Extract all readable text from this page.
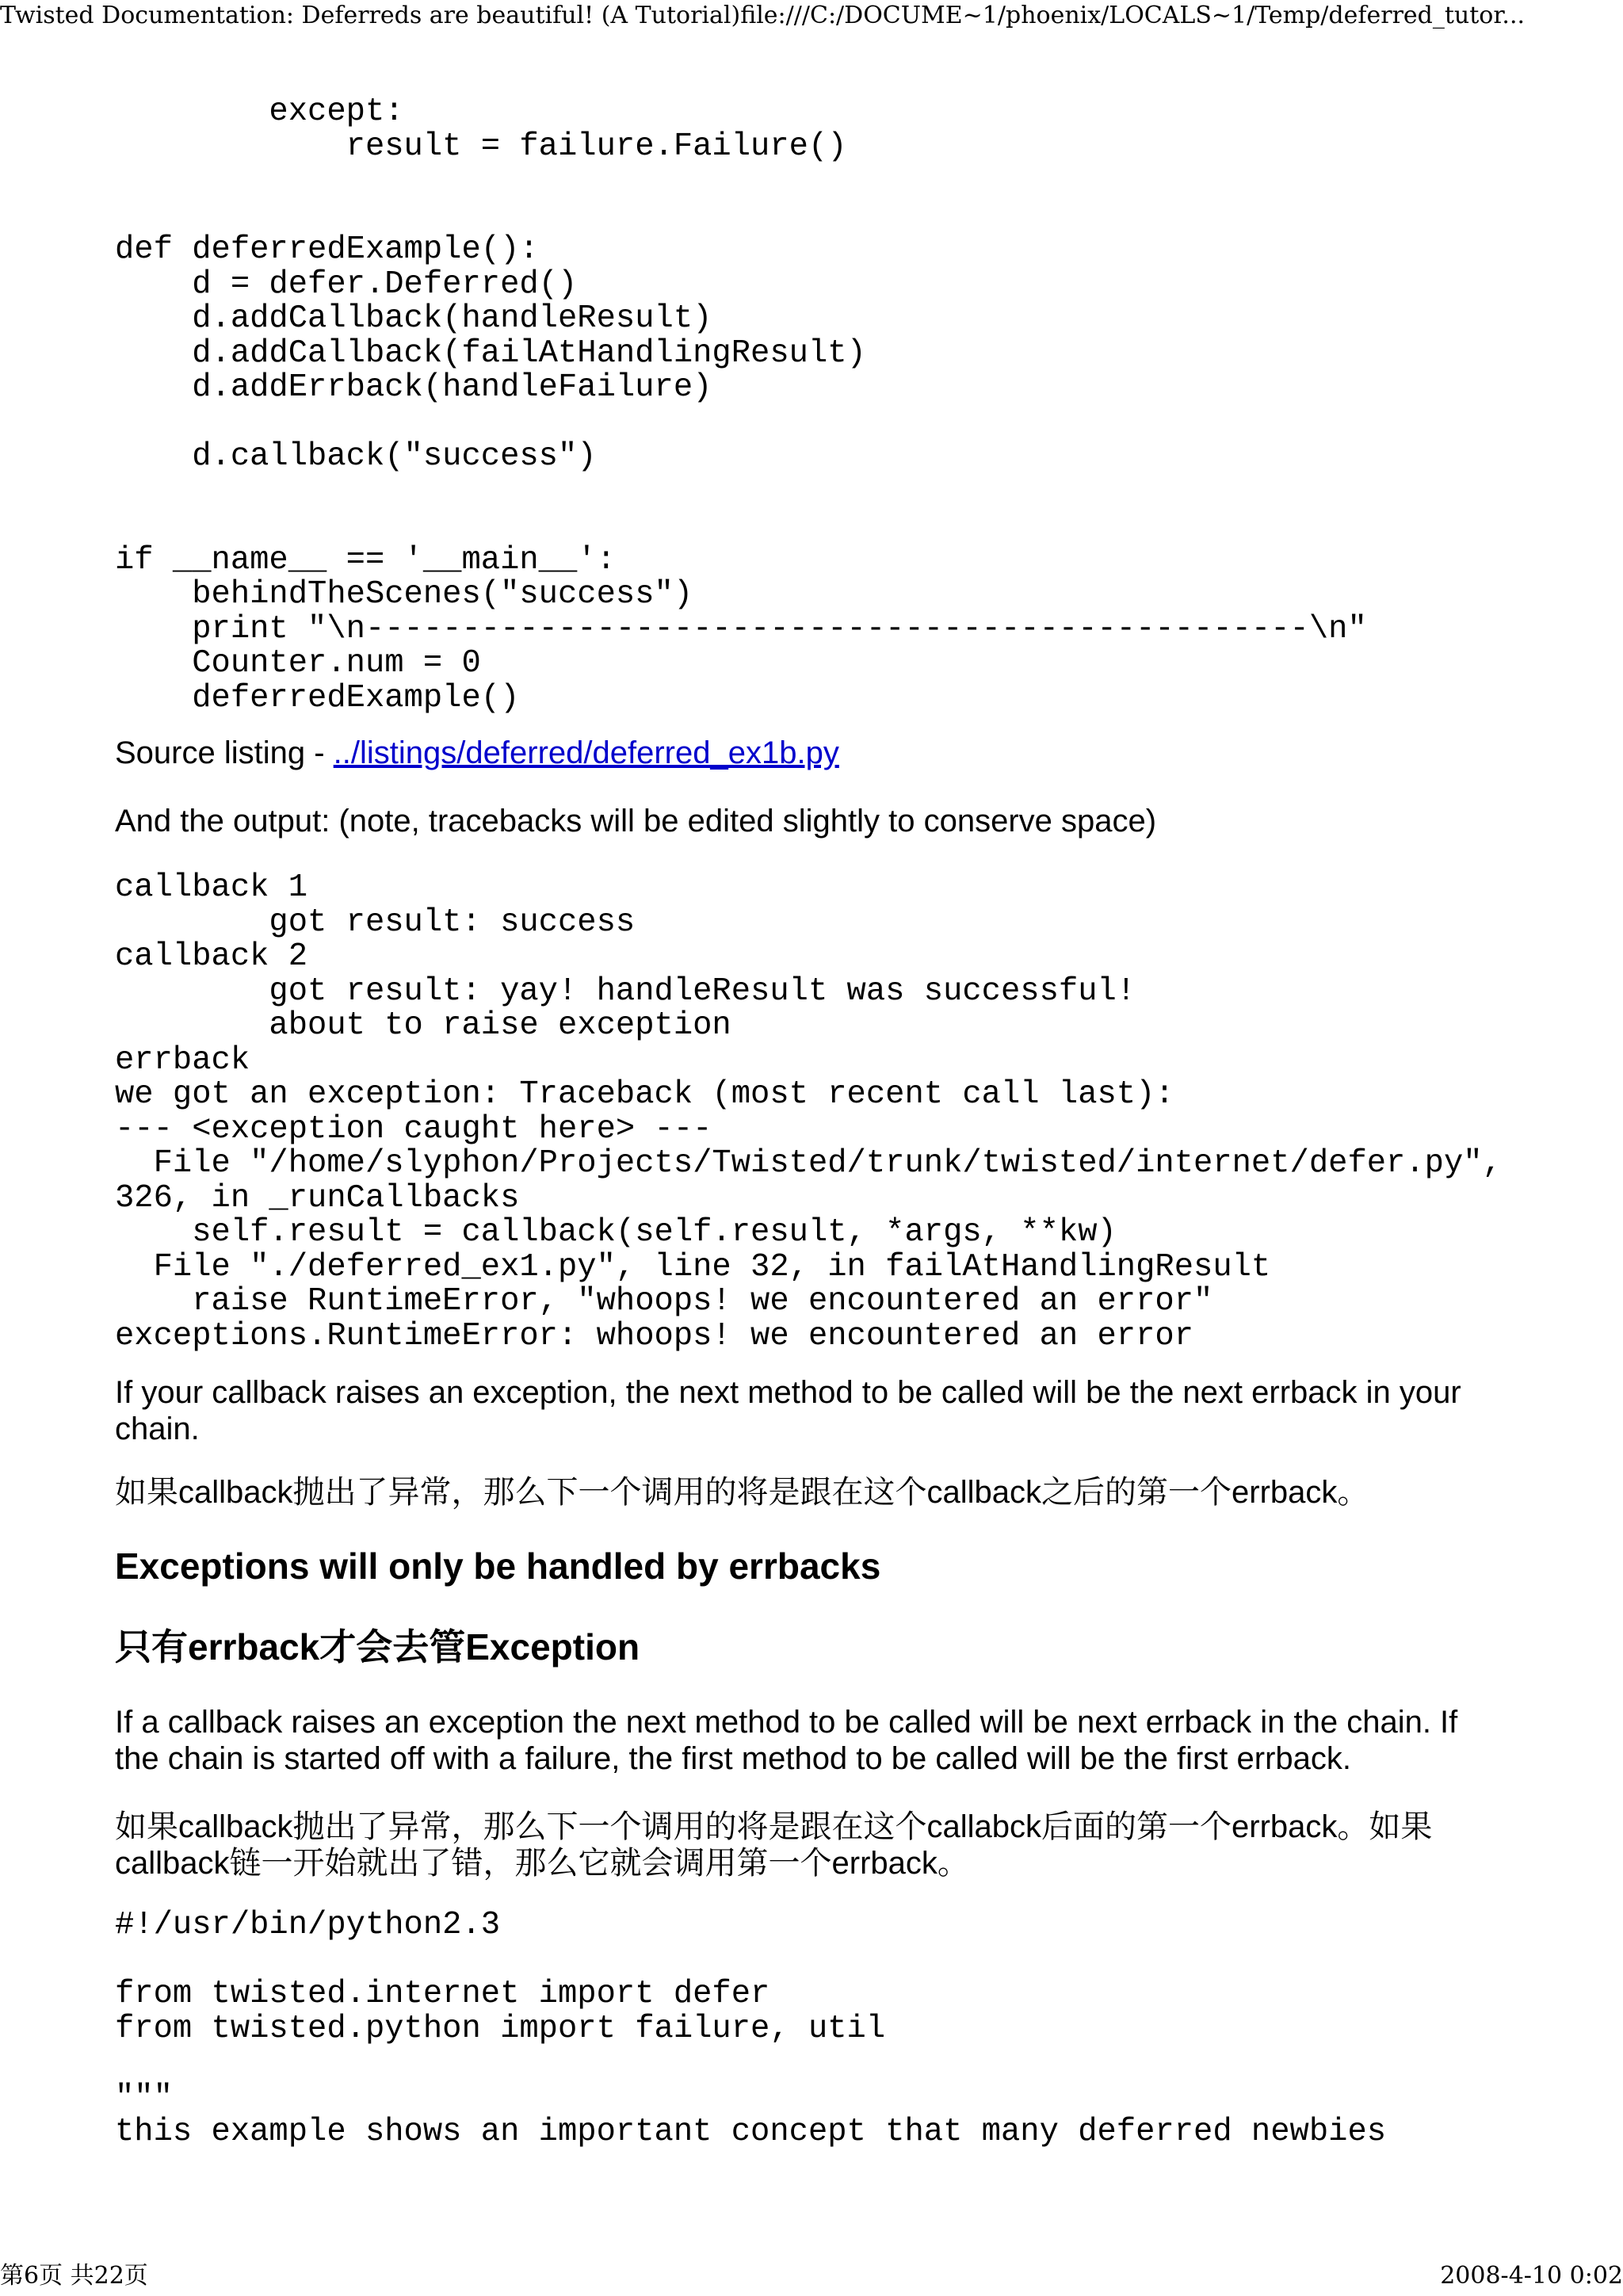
Twisted Documentation: Deferreds are beautiful! (A Tutorial)file:///C:/DOCUME~1/phoenix/LOCALS~1/Temp/deferred_tutor...
except:
result = failure.Failure()

def deferredExample():
d = defer.Deferred()
d.addCallback(handleResult)
d.addCallback(failAtHandlingResult)
d.addErrback(handleFailure)

d.callback("success")

if __name__ == '__main__':
behindTheScenes("success")
print "\n-------------------------------------------------\n"
Counter.num = 0
deferredExample()

Source listing - ../listings/deferred/deferred_ex1b.py

And the output: (note, tracebacks will be edited slightly to conserve space)

callback 1
got result: success
callback 2
got result: yay! handleResult was successful!
about to raise exception
errback
we got an exception: Traceback (most recent call last):
--- <exception caught here> ---
File "/home/slyphon/Projects/Twisted/trunk/twisted/internet/defer.py",
326, in _runCallbacks
self.result = callback(self.result, *args, **kw)
File "./deferred_ex1.py", line 32, in failAtHandlingResult
raise RuntimeError, "whoops! we encountered an error"
exceptions.RuntimeError: whoops! we encountered an error

If your callback raises an exception, the next method to be called will be the next errback in your chain.

如果callback抛出了异常，那么下一个调用的将是跟在这个callback之后的第一个errback。

Exceptions will only be handled by errbacks
只有errback才会去管Exception

If a callback raises an exception the next method to be called will be next errback in the chain. If the chain is started off with a failure, the first method to be called will be the first errback.

如果callback抛出了异常，那么下一个调用的将是跟在这个callabck后面的第一个errback。如果callback链一开始就出了错，那么它就会调用第一个errback。

#!/usr/bin/python2.3

from twisted.internet import defer
from twisted.python import failure, util

"""
this example shows an important concept that many deferred newbies
第6页 共22页	2008-4-10 0:02
